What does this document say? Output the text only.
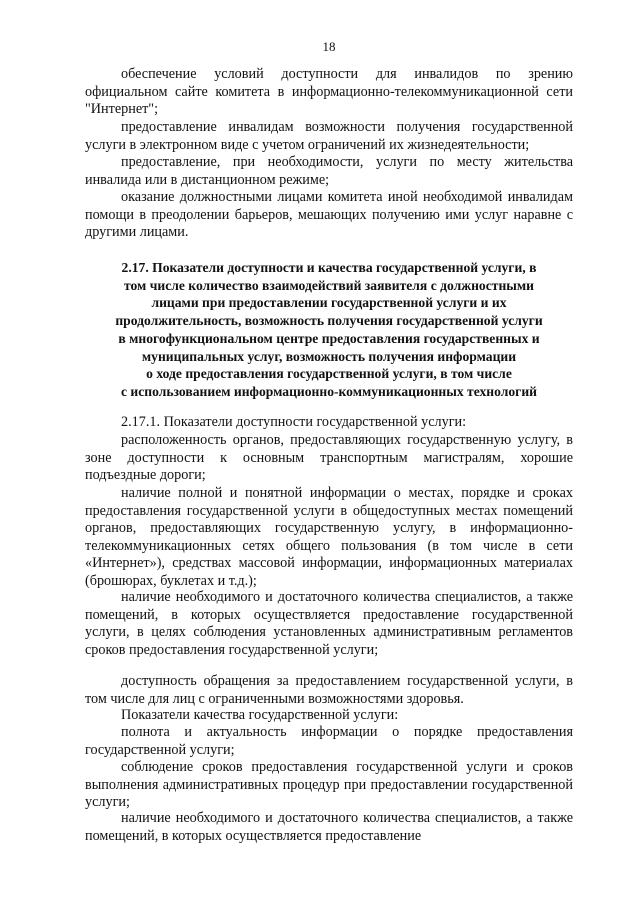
18

обеспечение условий доступности для инвалидов по зрению официальном сайте комитета в информационно-телекоммуникационной сети "Интернет";

предоставление инвалидам возможности получения государственной услуги в электронном виде с учетом ограничений их жизнедеятельности;

предоставление, при необходимости, услуги по месту жительства инвалида или в дистанционном режиме;

оказание должностными лицами комитета иной необходимой инвалидам помощи в преодолении барьеров, мешающих получению ими услуг наравне с другими лицами.

2.17. Показатели доступности и качества государственной услуги, в
том числе количество взаимодействий заявителя с должностными
лицами при предоставлении государственной услуги и их
продолжительность, возможность получения государственной услуги
в многофункциональном центре предоставления государственных и
муниципальных услуг, возможность получения информации
о ходе предоставления государственной услуги, в том числе
с использованием информационно-коммуникационных технологий

2.17.1. Показатели доступности государственной услуги:

расположенность органов, предоставляющих государственную услугу, в зоне доступности к основным транспортным магистралям, хорошие подъездные дороги;

наличие полной и понятной информации о местах, порядке и сроках предоставления государственной услуги в общедоступных местах помещений органов, предоставляющих государственную услугу, в информационно-телекоммуникационных сетях общего пользования (в том числе в сети «Интернет»), средствах массовой информации, информационных материалах (брошюрах, буклетах и т.д.);

наличие необходимого и достаточного количества специалистов, а также помещений, в которых осуществляется предоставление государственной услуги, в целях соблюдения установленных административным регламентов сроков предоставления государственной услуги;

доступность обращения за предоставлением государственной услуги, в том числе для лиц с ограниченными возможностями здоровья.

Показатели качества государственной услуги:

полнота и актуальность информации о порядке предоставления государственной услуги;

соблюдение сроков предоставления государственной услуги и сроков выполнения административных процедур при предоставлении государственной услуги;

наличие необходимого и достаточного количества специалистов, а также помещений, в которых осуществляется предоставление
